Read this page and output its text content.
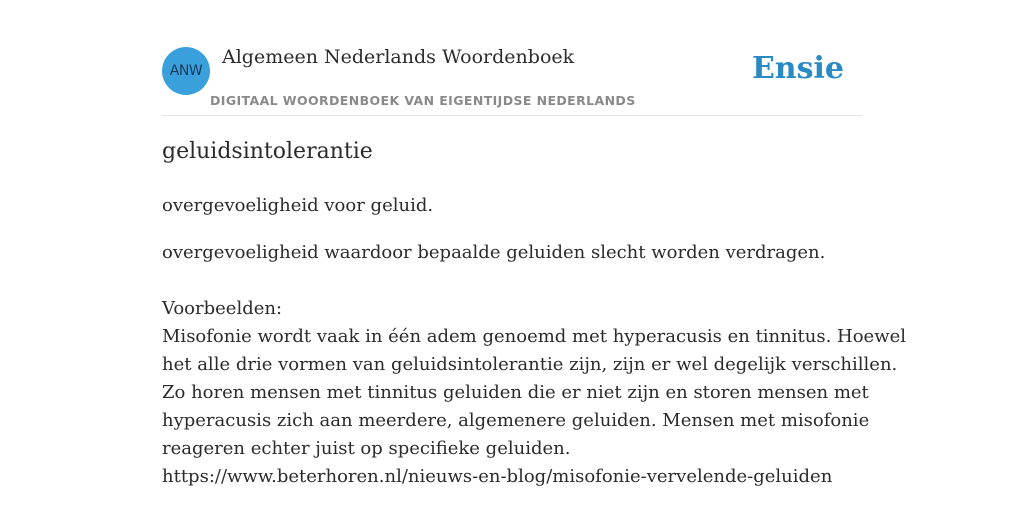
ANW
Algemeen Nederlands Woordenboek
DIGITAAL WOORDENBOEK VAN EIGENTIJDSE NEDERLANDS
Ensie
geluidsintolerantie
overgevoeligheid voor geluid.
overgevoeligheid waardoor bepaalde geluiden slecht worden verdragen.
Voorbeelden:
Misofonie wordt vaak in één adem genoemd met hyperacusis en tinnitus. Hoewel
het alle drie vormen van geluidsintolerantie zijn, zijn er wel degelijk verschillen.
Zo horen mensen met tinnitus geluiden die er niet zijn en storen mensen met
hyperacusis zich aan meerdere, algemenere geluiden. Mensen met misofonie
reageren echter juist op specifieke geluiden.
https://www.beterhoren.nl/nieuws-en-blog/misofonie-vervelende-geluiden
